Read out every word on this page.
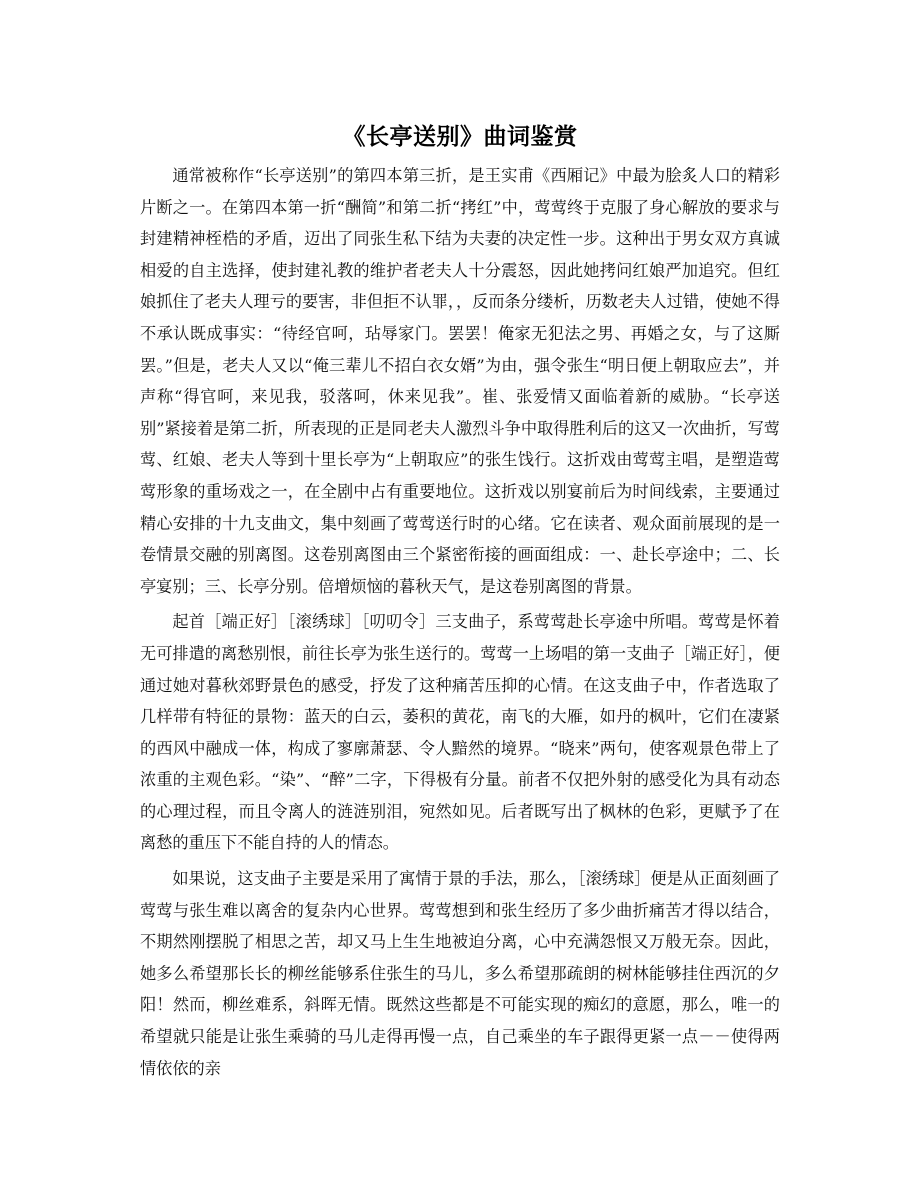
《长亭送别》曲词鉴赏

通常被称作“长亭送别”的第四本第三折，是王实甫《西厢记》中最为脍炙人口的精彩片断之一。在第四本第一折“酬简”和第二折“拷红”中，莺莺终于克服了身心解放的要求与封建精神桎梏的矛盾，迈出了同张生私下结为夫妻的决定性一步。这种出于男女双方真诚相爱的自主选择，使封建礼教的维护者老夫人十分震怒，因此她拷问红娘严加追究。但红娘抓住了老夫人理亏的要害，非但拒不认罪，，反而条分缕析，历数老夫人过错，使她不得不承认既成事实：“待经官呵，玷辱家门。罢罢！俺家无犯法之男、再婚之女，与了这厮罢。”但是，老夫人又以“俺三辈儿不招白衣女婿”为由，强令张生“明日便上朝取应去”，并声称“得官呵，来见我，驳落呵，休来见我”。崔、张爱情又面临着新的威胁。“长亭送别”紧接着是第二折，所表现的正是同老夫人激烈斗争中取得胜利后的这又一次曲折，写莺莺、红娘、老夫人等到十里长亭为“上朝取应”的张生饯行。这折戏由莺莺主唱，是塑造莺莺形象的重场戏之一，在全剧中占有重要地位。这折戏以别宴前后为时间线索，主要通过精心安排的十九支曲文，集中刻画了莺莺送行时的心绪。它在读者、观众面前展现的是一卷情景交融的别离图。这卷别离图由三个紧密衔接的画面组成：一、赴长亭途中；二、长亭宴别；三、长亭分别。倍增烦恼的暮秋天气，是这卷别离图的背景。

起首［端正好］［滚绣球］［叨叨令］三支曲子，系莺莺赴长亭途中所唱。莺莺是怀着无可排遣的离愁别恨，前往长亭为张生送行的。莺莺一上场唱的第一支曲子［端正好］，便通过她对暮秋郊野景色的感受，抒发了这种痛苦压抑的心情。在这支曲子中，作者选取了几样带有特征的景物：蓝天的白云，萎积的黄花，南飞的大雁，如丹的枫叶，它们在凄紧的西风中融成一体，构成了寥廓萧瑟、令人黯然的境界。“晓来”两句，使客观景色带上了浓重的主观色彩。“染”、“醉”二字，下得极有分量。前者不仅把外射的感受化为具有动态的心理过程，而且令离人的涟涟别泪，宛然如见。后者既写出了枫林的色彩，更赋予了在离愁的重压下不能自持的人的情态。

如果说，这支曲子主要是采用了寓情于景的手法，那么，［滚绣球］便是从正面刻画了莺莺与张生难以离舍的复杂内心世界。莺莺想到和张生经历了多少曲折痛苦才得以结合，不期然刚摆脱了相思之苦，却又马上生生地被迫分离，心中充满怨恨又万般无奈。因此，她多么希望那长长的柳丝能够系住张生的马儿，多么希望那疏朗的树林能够挂住西沉的夕阳！然而，柳丝难系，斜晖无情。既然这些都是不可能实现的痴幻的意愿，那么，唯一的希望就只能是让张生乘骑的马儿走得再慢一点，自己乘坐的车子跟得更紧一点－－使得两情依依的亲
